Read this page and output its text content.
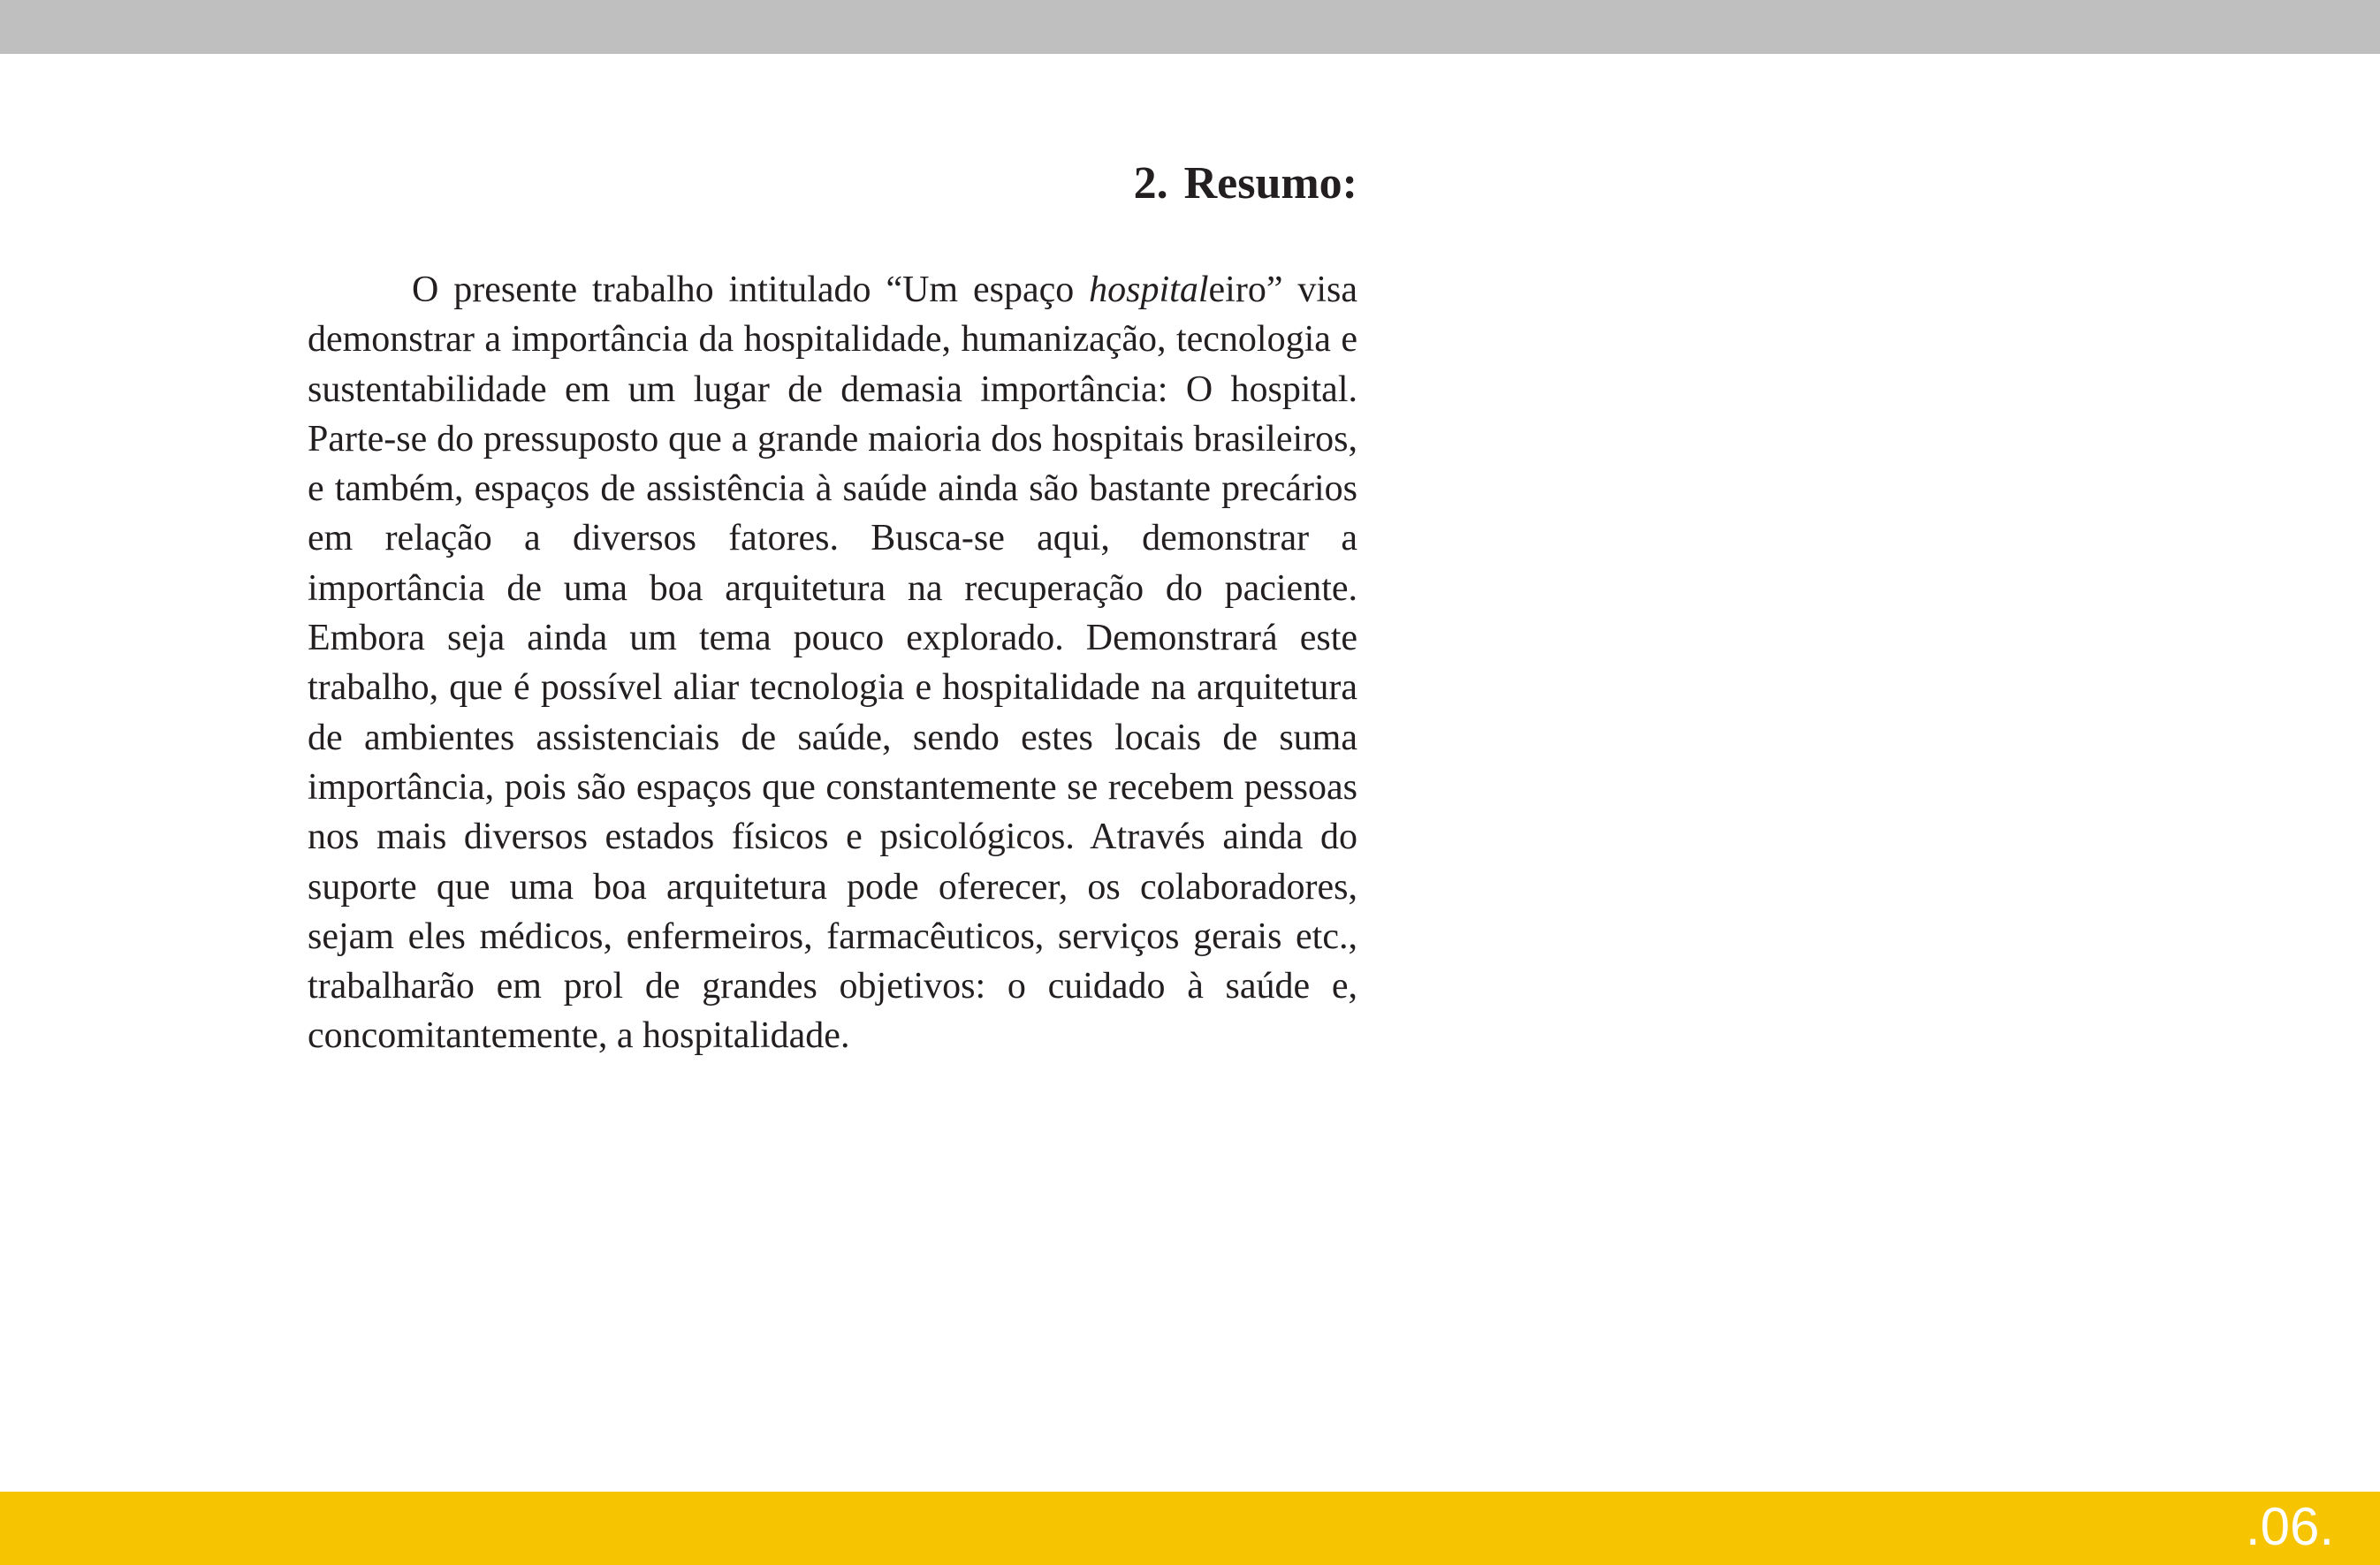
2. Resumo:

O presente trabalho intitulado “Um espaço hospitaleiro” visa demonstrar a importância da hospitalidade, humanização, tecnologia e sustentabilidade em um lugar de demasia importância: O hospital. Parte-se do pressuposto que a grande maioria dos hospitais brasileiros, e também, espaços de assistência à saúde ainda são bastante precários em relação a diversos fatores. Busca-se aqui, demonstrar a importância de uma boa arquitetura na recuperação do paciente. Embora seja ainda um tema pouco explorado. Demonstrará este trabalho, que é possível aliar tecnologia e hospitalidade na arquitetura de ambientes assistenciais de saúde, sendo estes locais de suma importância, pois são espaços que constantemente se recebem pessoas nos mais diversos estados físicos e psicológicos. Através ainda do suporte que uma boa arquitetura pode oferecer, os colaboradores, sejam eles médicos, enfermeiros, farmacêuticos, serviços gerais etc., trabalharão em prol de grandes objetivos: o cuidado à saúde e, concomitantemente, a hospitalidade.

.06.
